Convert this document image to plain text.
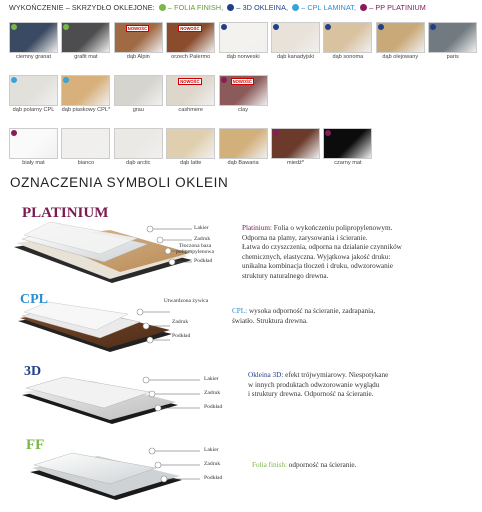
WYKOŃCZENIE – SKRZYDŁO OKLEJONE: – FOLIA FINISH, – 3D OKLEINA, – CPL LAMINAT, – PP PLATINIUM
ciemny granat	grafit mat
NOWOŚĆ
dąb Alpin
NOWOŚĆ
orzech Palermo	dąb norweski	dąb kanadyjski	dąb sonoma	dąb olejowany	paris
dąb polarny CPL	dąb piaskowy CPL*	grau
NOWOŚĆ
cashmere
NOWOŚĆ
clay
biały mat	bianco	dąb arctic	dąb latte	dąb Bawaria	miedź*	czarny mat
OZNACZENIA SYMBOLI OKLEIN
PLATINIUM
Lakier
Zadruk
Tłoczona baza polipropylenowa
Podkład
Platinium: Folia o wykończeniu polipropylenowym.
Odporna na plamy, zarysowania i ścieranie.
Łatwa do czyszczenia, odporna na działanie czynników
chemicznych, elastyczna. Wyjątkowa jakość druku:
unikalna kombinacja tłoczeń i druku, odwzorowanie
struktury naturalnego drewna.
CPL	Utwardzona żywica
Zadruk
Podkład
CPL: wysoka odporność na ścieranie, zadrapania,
światło. Struktura drewna.
3D	Lakier
Zadruk
Podkład
Okleina 3D: efekt trójwymiarowy. Niespotykane
w innych produktach odwzorowanie wyglądu
i struktury drewna. Odporność na ścieranie.
FF	Lakier
Zadruk
Podkład
Folia finish: odporność na ścieranie.
